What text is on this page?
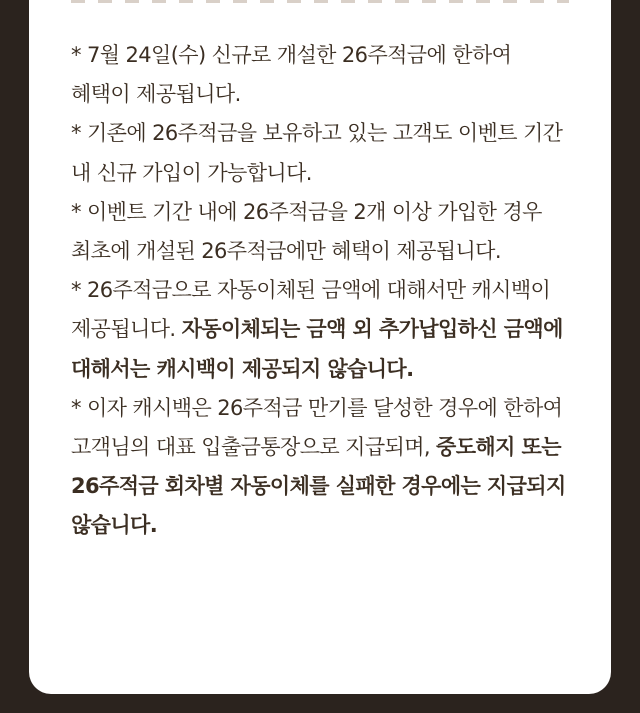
* 7월 24일(수) 신규로 개설한 26주적금에 한하여 혜택이 제공됩니다.
* 기존에 26주적금을 보유하고 있는 고객도 이벤트 기간 내 신규 가입이 가능합니다.
* 이벤트 기간 내에 26주적금을 2개 이상 가입한 경우 최초에 개설된 26주적금에만 혜택이 제공됩니다.
* 26주적금으로 자동이체된 금액에 대해서만 캐시백이 제공됩니다. 자동이체되는 금액 외 추가납입하신 금액에 대해서는 캐시백이 제공되지 않습니다.
* 이자 캐시백은 26주적금 만기를 달성한 경우에 한하여 고객님의 대표 입출금통장으로 지급되며, 중도해지 또는 26주적금 회차별 자동이체를 실패한 경우에는 지급되지 않습니다.
